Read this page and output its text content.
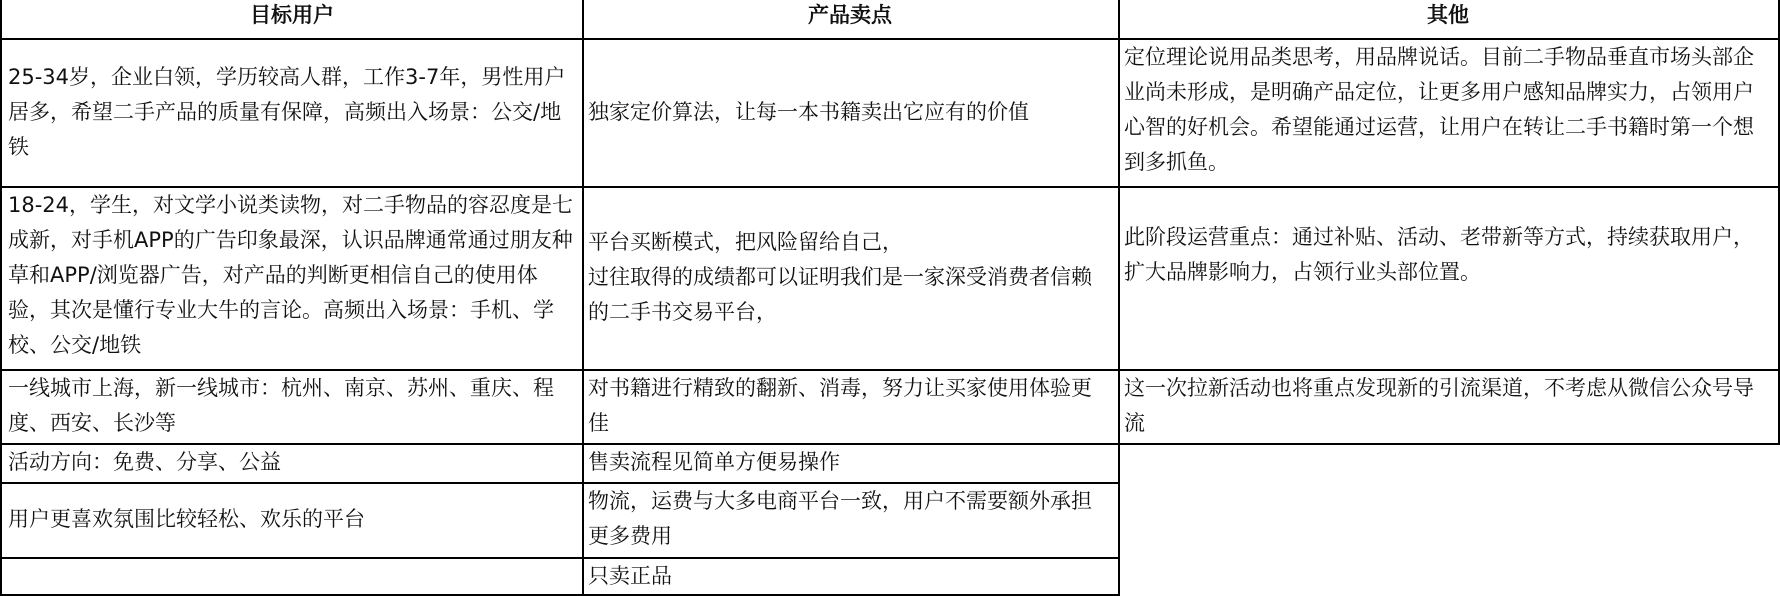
目标用户	产品卖点	其他
25-34岁，企业白领，学历较高人群，工作3-7年，男性用户居多，希望二手产品的质量有保障，高频出入场景：公交/地铁
18-24，学生，对文学小说类读物，对二手物品的容忍度是七成新，对手机APP的广告印象最深，认识品牌通常通过朋友种草和APP/浏览器广告，对产品的判断更相信自己的使用体验，其次是懂行专业大牛的言论。高频出入场景：手机、学校、公交/地铁
一线城市上海，新一线城市：杭州、南京、苏州、重庆、程度、西安、长沙等
活动方向：免费、分享、公益
用户更喜欢氛围比较轻松、欢乐的平台
独家定价算法，让每一本书籍卖出它应有的价值
平台买断模式，把风险留给自己，
过往取得的成绩都可以证明我们是一家深受消费者信赖的二手书交易平台，
对书籍进行精致的翻新、消毒，努力让买家使用体验更佳
售卖流程见简单方便易操作
物流，运费与大多电商平台一致，用户不需要额外承担更多费用
只卖正品
定位理论说用品类思考，用品牌说话。目前二手物品垂直市场头部企业尚未形成，是明确产品定位，让更多用户感知品牌实力，占领用户心智的好机会。希望能通过运营，让用户在转让二手书籍时第一个想到多抓鱼。
此阶段运营重点：通过补贴、活动、老带新等方式，持续获取用户，扩大品牌影响力，占领行业头部位置。
这一次拉新活动也将重点发现新的引流渠道，不考虑从微信公众号导流
